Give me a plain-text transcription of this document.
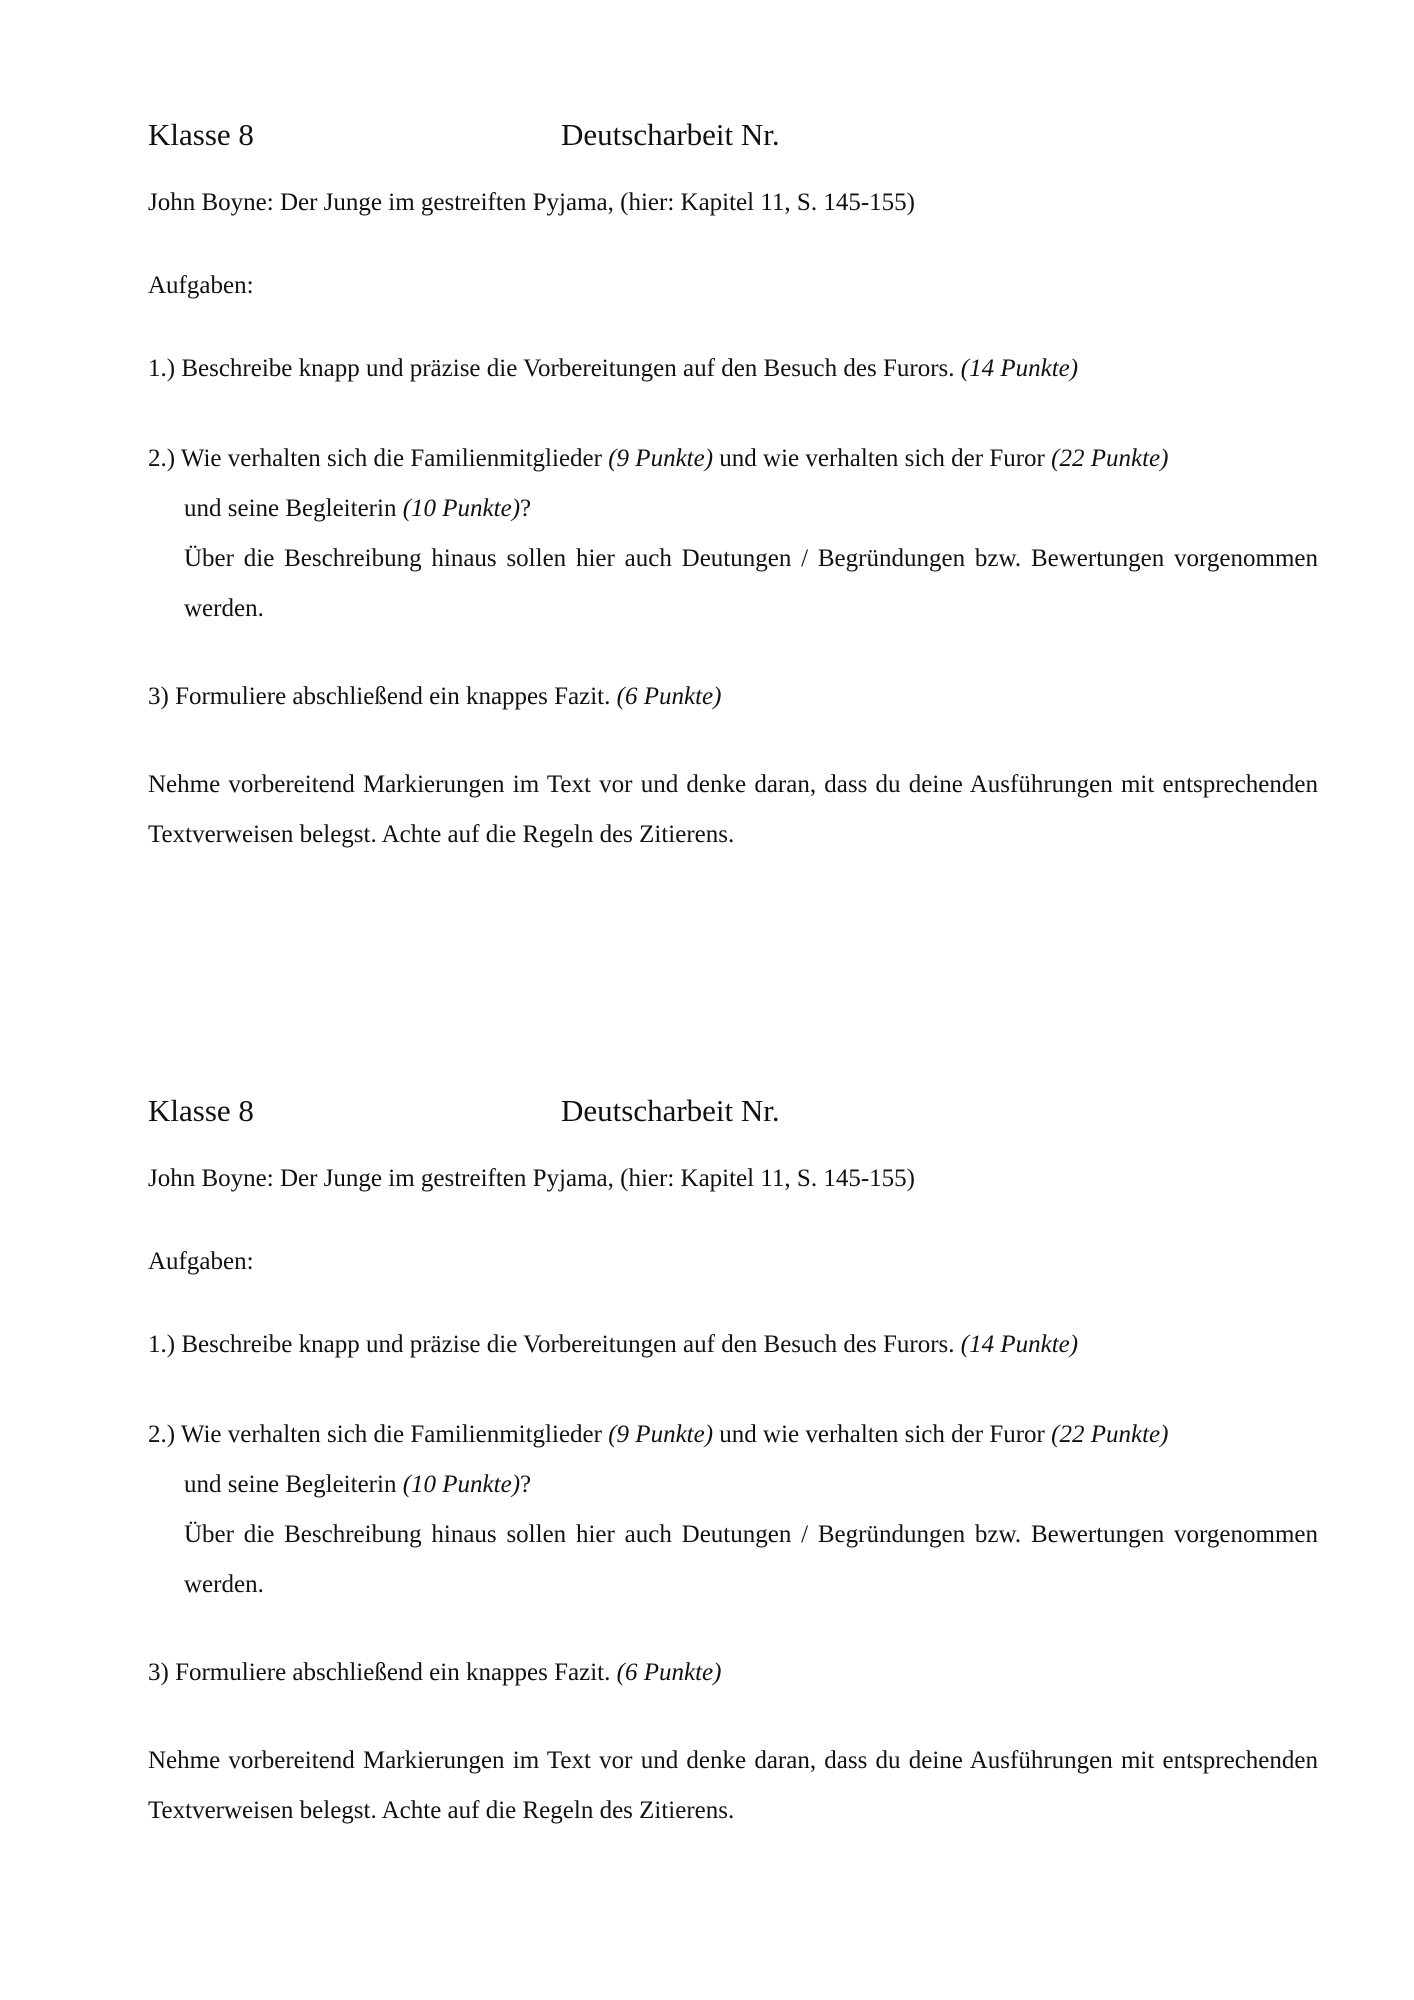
Klasse 8	Deutscharbeit Nr.

John Boyne: Der Junge im gestreiften Pyjama, (hier: Kapitel 11, S. 145-155)

Aufgaben:

1.) Beschreibe knapp und präzise die Vorbereitungen auf den Besuch des Furors. (14 Punkte)

2.) Wie verhalten sich die Familienmitglieder (9 Punkte) und wie verhalten sich der Furor (22 Punkte)
und seine Begleiterin (10 Punkte)?
Über die Beschreibung hinaus sollen hier auch Deutungen / Begründungen bzw. Bewertungen vorgenommen werden.

3) Formuliere abschließend ein knappes Fazit. (6 Punkte)

Nehme vorbereitend Markierungen im Text vor und denke daran, dass du deine Ausführungen mit entsprechenden Textverweisen belegst. Achte auf die Regeln des Zitierens.

Klasse 8	Deutscharbeit Nr.

John Boyne: Der Junge im gestreiften Pyjama, (hier: Kapitel 11, S. 145-155)

Aufgaben:

1.) Beschreibe knapp und präzise die Vorbereitungen auf den Besuch des Furors. (14 Punkte)

2.) Wie verhalten sich die Familienmitglieder (9 Punkte) und wie verhalten sich der Furor (22 Punkte)
und seine Begleiterin (10 Punkte)?
Über die Beschreibung hinaus sollen hier auch Deutungen / Begründungen bzw. Bewertungen vorgenommen werden.

3) Formuliere abschließend ein knappes Fazit. (6 Punkte)

Nehme vorbereitend Markierungen im Text vor und denke daran, dass du deine Ausführungen mit entsprechenden Textverweisen belegst. Achte auf die Regeln des Zitierens.
